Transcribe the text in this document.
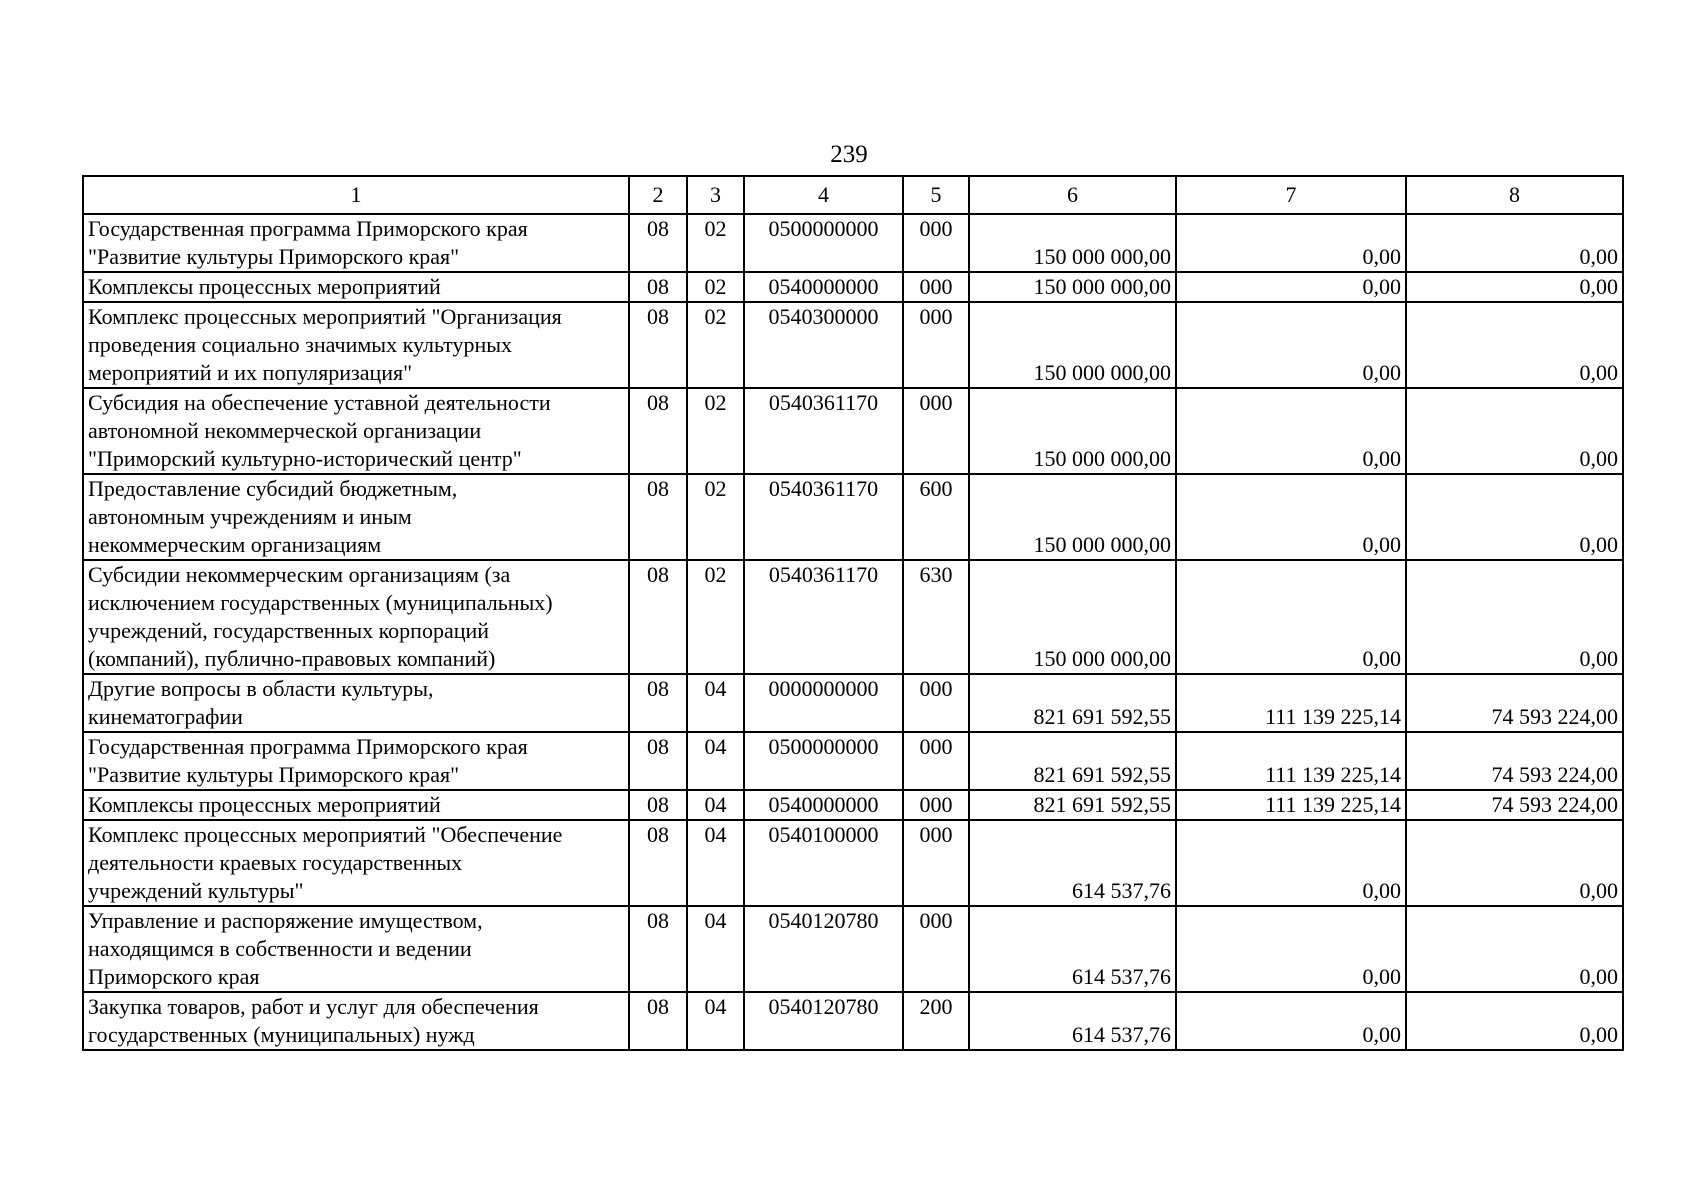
239
1	2	3	4	5	6	7	8

Государственная программа Приморского края
"Развитие культуры Приморского края"	08	02	0500000000	000	150 000 000,00	0,00	0,00

Комплексы процессных мероприятий	08	02	0540000000	000	150 000 000,00	0,00	0,00

Комплекс процессных мероприятий "Организация
проведения социально значимых культурных
мероприятий и их популяризация"	08	02	0540300000	000	150 000 000,00	0,00	0,00

Субсидия на обеспечение уставной деятельности
автономной некоммерческой организации
"Приморский культурно-исторический центр"	08	02	0540361170	000	150 000 000,00	0,00	0,00

Предоставление субсидий бюджетным,
автономным учреждениям и иным
некоммерческим организациям	08	02	0540361170	600	150 000 000,00	0,00	0,00

Субсидии некоммерческим организациям (за
исключением государственных (муниципальных)
учреждений, государственных корпораций
(компаний), публично-правовых компаний)	08	02	0540361170	630	150 000 000,00	0,00	0,00

Другие вопросы в области культуры,
кинематографии	08	04	0000000000	000	821 691 592,55	111 139 225,14	74 593 224,00

Государственная программа Приморского края
"Развитие культуры Приморского края"	08	04	0500000000	000	821 691 592,55	111 139 225,14	74 593 224,00

Комплексы процессных мероприятий	08	04	0540000000	000	821 691 592,55	111 139 225,14	74 593 224,00

Комплекс процессных мероприятий "Обеспечение
деятельности краевых государственных
учреждений культуры"	08	04	0540100000	000	614 537,76	0,00	0,00

Управление и распоряжение имуществом,
находящимся в собственности и ведении
Приморского края	08	04	0540120780	000	614 537,76	0,00	0,00

Закупка товаров, работ и услуг для обеспечения
государственных (муниципальных) нужд	08	04	0540120780	200	614 537,76	0,00	0,00
